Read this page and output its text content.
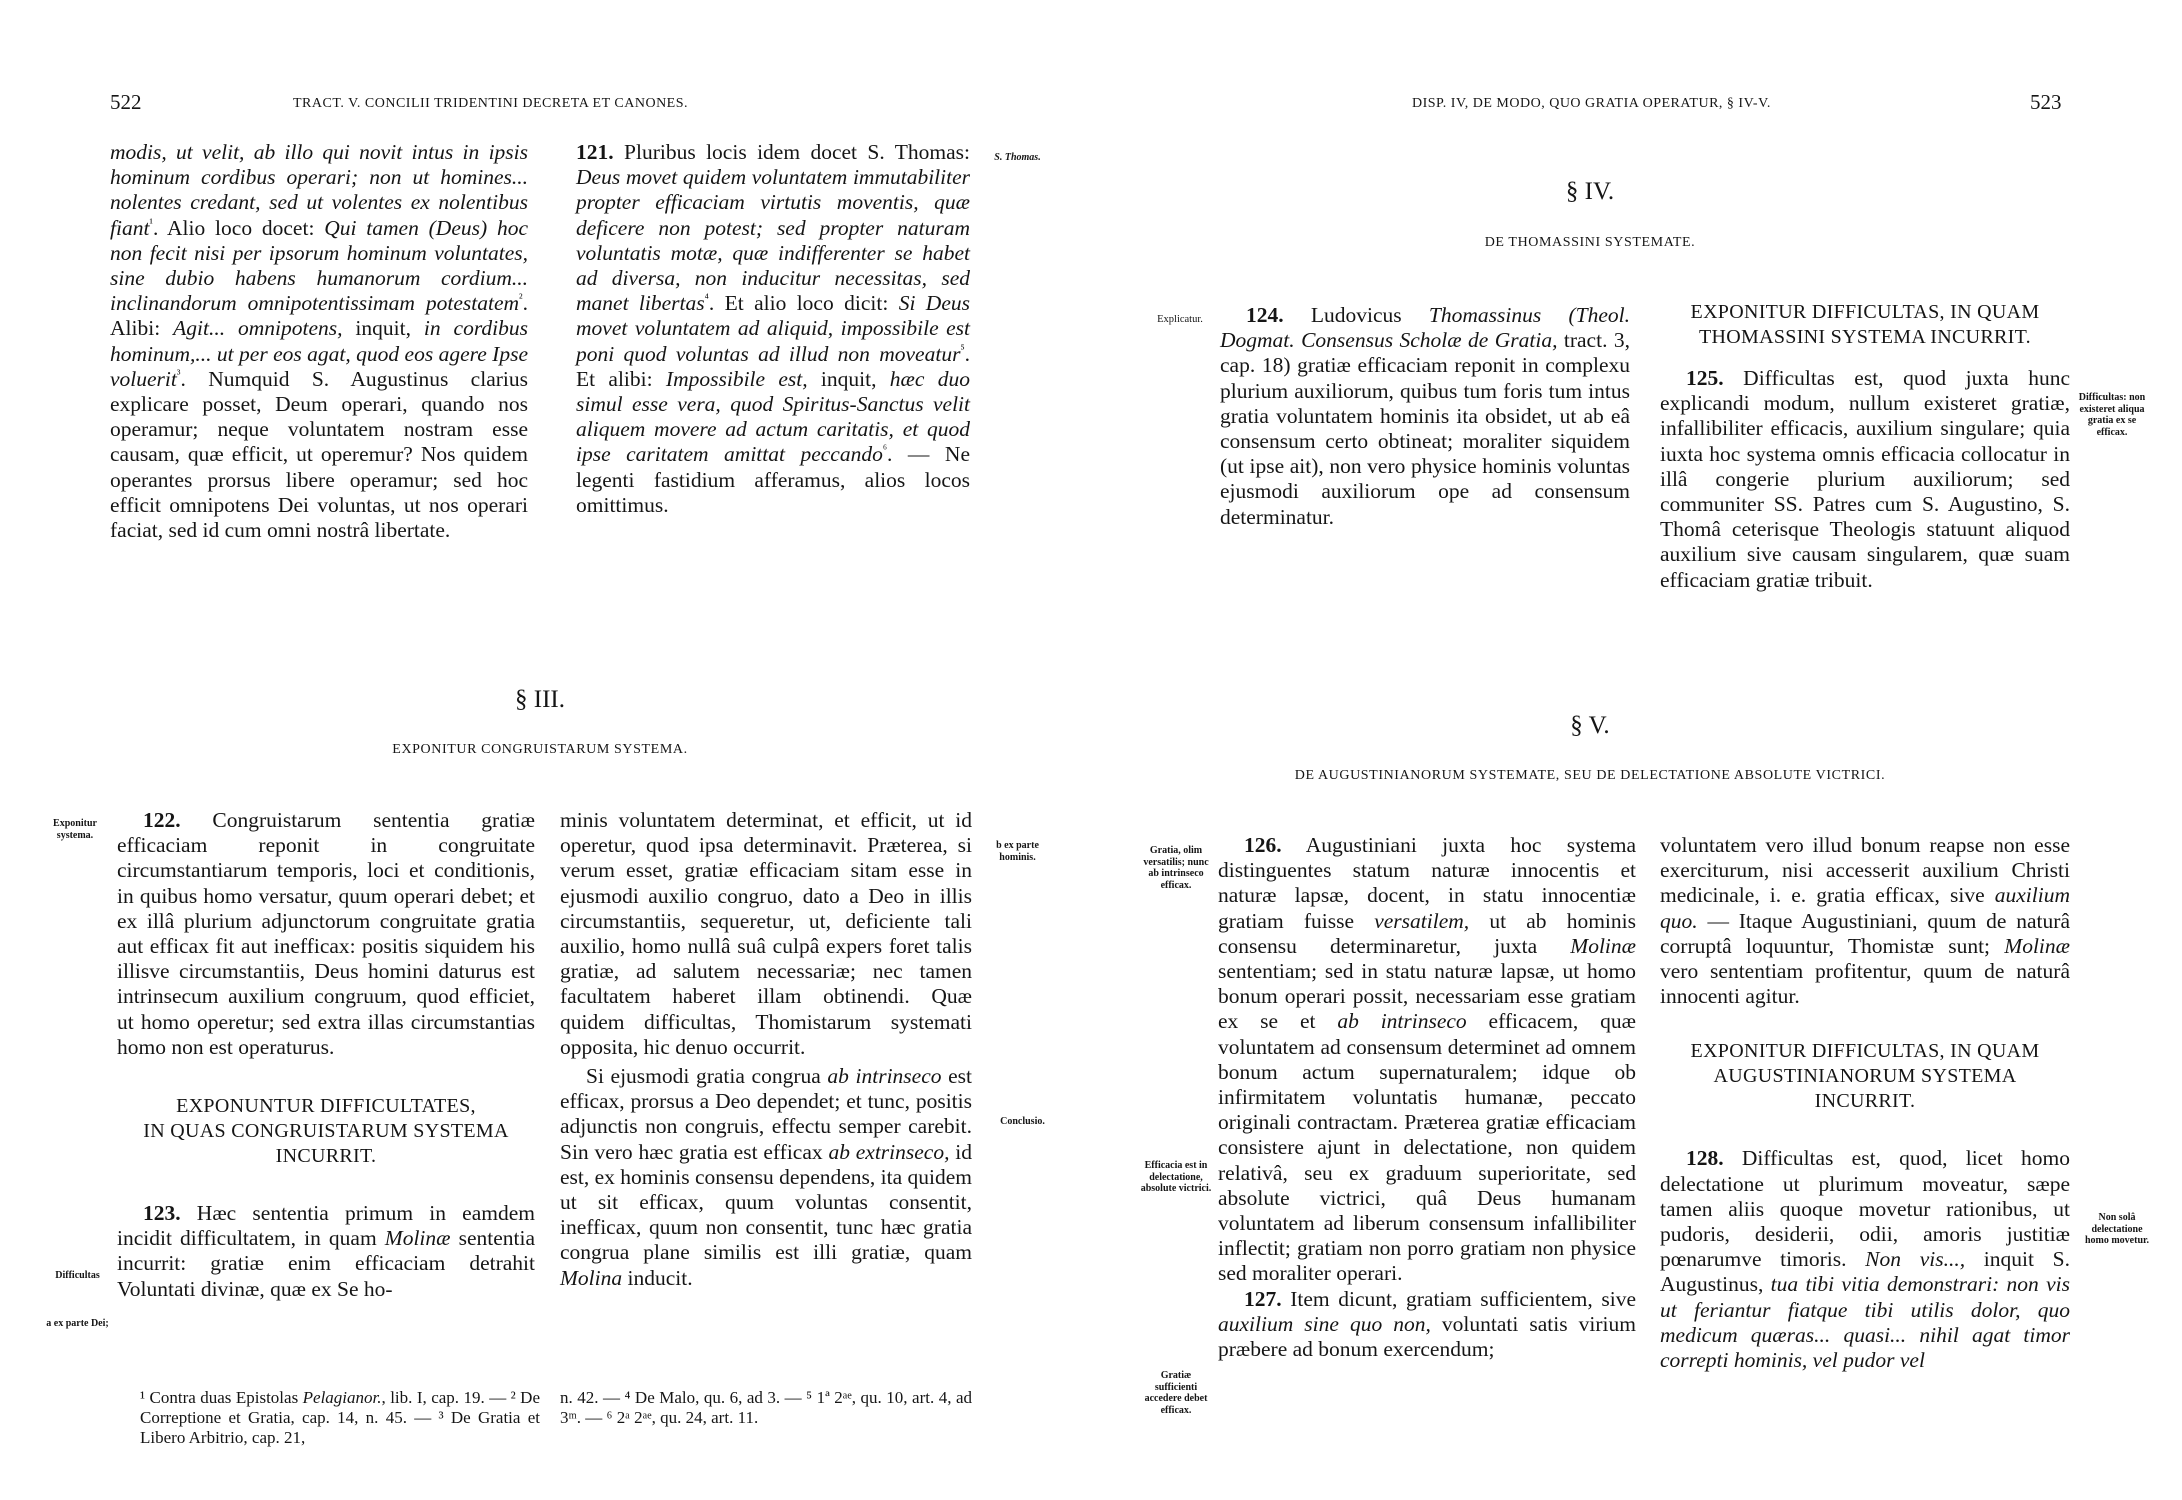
522	TRACT. V. CONCILII TRIDENTINI DECRETA ET CANONES.

modis, ut velit, ab illo qui novit intus in ipsis hominum cordibus operari; non ut homines... nolentes credant, sed ut volentes ex nolentibus fiant$^{^1}$. Alio loco docet: Qui tamen (Deus) hoc non fecit nisi per ipsorum hominum voluntates, sine dubio habens humanorum cordium... inclinandorum omnipotentissimam potestatem$^{^2}$. Alibi: Agit... omnipotens, inquit, in cordibus hominum,... ut per eos agat, quod eos agere Ipse voluerit$^{^3}$. Numquid S. Augustinus clarius explicare posset, Deum operari, quando nos operamur; neque voluntatem nostram esse causam, quæ efficit, ut operemur? Nos quidem operantes prorsus libere operamur; sed hoc efficit omnipotens Dei voluntas, ut nos operari faciat, sed id cum omni nostrâ libertate.

121. Pluribus locis idem docet S. Thomas: Deus movet quidem voluntatem immutabiliter propter efficaciam virtutis moventis, quæ deficere non potest; sed propter naturam voluntatis motæ, quæ indifferenter se habet ad diversa, non inducitur necessitas, sed manet libertas$^{^4}$. Et alio loco dicit: Si Deus movet voluntatem ad aliquid, impossibile est poni quod voluntas ad illud non moveatur$^{^5}$. Et alibi: Impossibile est, inquit, hæc duo simul esse vera, quod Spiritus-Sanctus velit aliquem movere ad actum caritatis, et quod ipse caritatem amittat peccando$^{^6}$. — Ne legenti fastidium afferamus, alios locos omittimus.

S. Thomas.
§ III.
EXPONITUR CONGRUISTARUM SYSTEMA.
Exponitur systema.

122. Congruistarum sententia gratiæ efficaciam reponit in congruitate circumstantiarum temporis, loci et conditionis, in quibus homo versatur, quum operari debet; et ex illâ plurium adjunctorum congruitate gratia aut efficax fit aut inefficax: positis siquidem his illisve circumstantiis, Deus homini daturus est intrinsecum auxilium congruum, quod efficiet, ut homo operetur; sed extra illas circumstantias homo non est operaturus.

EXPONUNTUR DIFFICULTATES,
IN QUAS CONGRUISTARUM SYSTEMA
INCURRIT.

123. Hæc sententia primum in eamdem incidit difficultatem, in quam Molinæ sententia incurrit: gratiæ enim efficaciam detrahit Voluntati divinæ, quæ ex Se ho-

Difficultas
a ex parte Dei;

minis voluntatem determinat, et efficit, ut id operetur, quod ipsa determinavit. Præterea, si verum esset, gratiæ efficaciam sitam esse in ejusmodi auxilio congruo, dato a Deo in illis circumstantiis, sequeretur, ut, deficiente tali auxilio, homo nullâ suâ culpâ expers foret talis gratiæ, ad salutem necessariæ; nec tamen facultatem haberet illam obtinendi. Quæ quidem difficultas, Thomistarum systemati opposita, hic denuo occurrit.

Si ejusmodi gratia congrua ab intrinseco est efficax, prorsus a Deo dependet; et tunc, positis adjunctis non congruis, effectu semper carebit. Sin vero hæc gratia est efficax ab extrinseco, id est, ex hominis consensu dependens, ita quidem ut sit efficax, quum voluntas consentit, inefficax, quum non consentit, tunc hæc gratia congrua plane similis est illi gratiæ, quam Molina inducit.

b ex parte hominis.
Conclusio.

¹ Contra duas Epistolas Pelagianor., lib. I, cap. 19. — ² De Correptione et Gratia, cap. 14, n. 45. — ³ De Gratia et Libero Arbitrio, cap. 21,

n. 42. — ⁴ De Malo, qu. 6, ad 3. — ⁵ 1ª 2ᵃᵉ, qu. 10, art. 4, ad 3ᵐ. — ⁶ 2ᵃ 2ᵃᵉ, qu. 24, art. 11.

DISP. IV, DE MODO, QUO GRATIA OPERATUR, § IV-V.	523
§ IV.
DE THOMASSINI SYSTEMATE.
Explicatur.	124. Ludovicus Thomassinus (Theol. Dogmat. Consensus Scholæ de Gratia, tract. 3, cap. 18) gratiæ efficaciam reponit in complexu plurium auxiliorum, quibus tum foris tum intus gratia voluntatem hominis ita obsidet, ut ab eâ consensum certo obtineat; moraliter siquidem (ut ipse ait), non vero physice hominis voluntas ejusmodi auxiliorum ope ad consensum determinatur.

EXPONITUR DIFFICULTAS, IN QUAM
THOMASSINI SYSTEMA INCURRIT.

125. Difficultas est, quod juxta hunc explicandi modum, nullum existeret gratiæ, infallibiliter efficacis, auxilium singulare; quia iuxta hoc systema omnis efficacia collocatur in illâ congerie plurium auxiliorum; sed communiter SS. Patres cum S. Augustino, S. Thomâ ceterisque Theologis statuunt aliquod auxilium sive causam singularem, quæ suam efficaciam gratiæ tribuit.

Difficultas: non existeret aliqua gratia ex se efficax.
§ V.
DE AUGUSTINIANORUM SYSTEMATE, SEU DE DELECTATIONE ABSOLUTE VICTRICI.
Gratia, olim versatilis; nunc ab intrinseco efficax.
Efficacia est in delectatione, absolute victrici.
Gratiæ sufficienti accedere debet efficax.

126. Augustiniani juxta hoc systema distinguentes statum naturæ innocentis et naturæ lapsæ, docent, in statu innocentiæ gratiam fuisse versatilem, ut ab hominis consensu determinaretur, juxta Molinæ sententiam; sed in statu naturæ lapsæ, ut homo bonum operari possit, necessariam esse gratiam ex se et ab intrinseco efficacem, quæ voluntatem ad consensum determinet ad omnem bonum actum supernaturalem; idque ob infirmitatem voluntatis humanæ, peccato originali contractam. Præterea gratiæ efficaciam consistere ajunt in delectatione, non quidem relativâ, seu ex graduum superioritate, sed absolute victrici, quâ Deus humanam voluntatem ad liberum consensum infallibiliter inflectit; gratiam non porro gratiam non physice sed moraliter operari.

127. Item dicunt, gratiam sufficientem, sive auxilium sine quo non, voluntati satis virium præbere ad bonum exercendum;

voluntatem vero illud bonum reapse non esse exerciturum, nisi accesserit auxilium Christi medicinale, i. e. gratia efficax, sive auxilium quo. — Itaque Augustiniani, quum de naturâ corruptâ loquuntur, Thomistæ sunt; Molinæ vero sententiam profitentur, quum de naturâ innocenti agitur.

EXPONITUR DIFFICULTAS, IN QUAM
AUGUSTINIANORUM SYSTEMA
INCURRIT.

128. Difficultas est, quod, licet homo delectatione ut plurimum moveatur, sæpe tamen aliis quoque movetur rationibus, ut pudoris, desiderii, odii, amoris justitiæ pœnarumve timoris. Non vis..., inquit S. Augustinus, tua tibi vitia demonstrari: non vis ut feriantur fiatque tibi utilis dolor, quo medicum quæras... quasi... nihil agat timor correpti hominis, vel pudor vel

Non solâ delectatione homo movetur.
